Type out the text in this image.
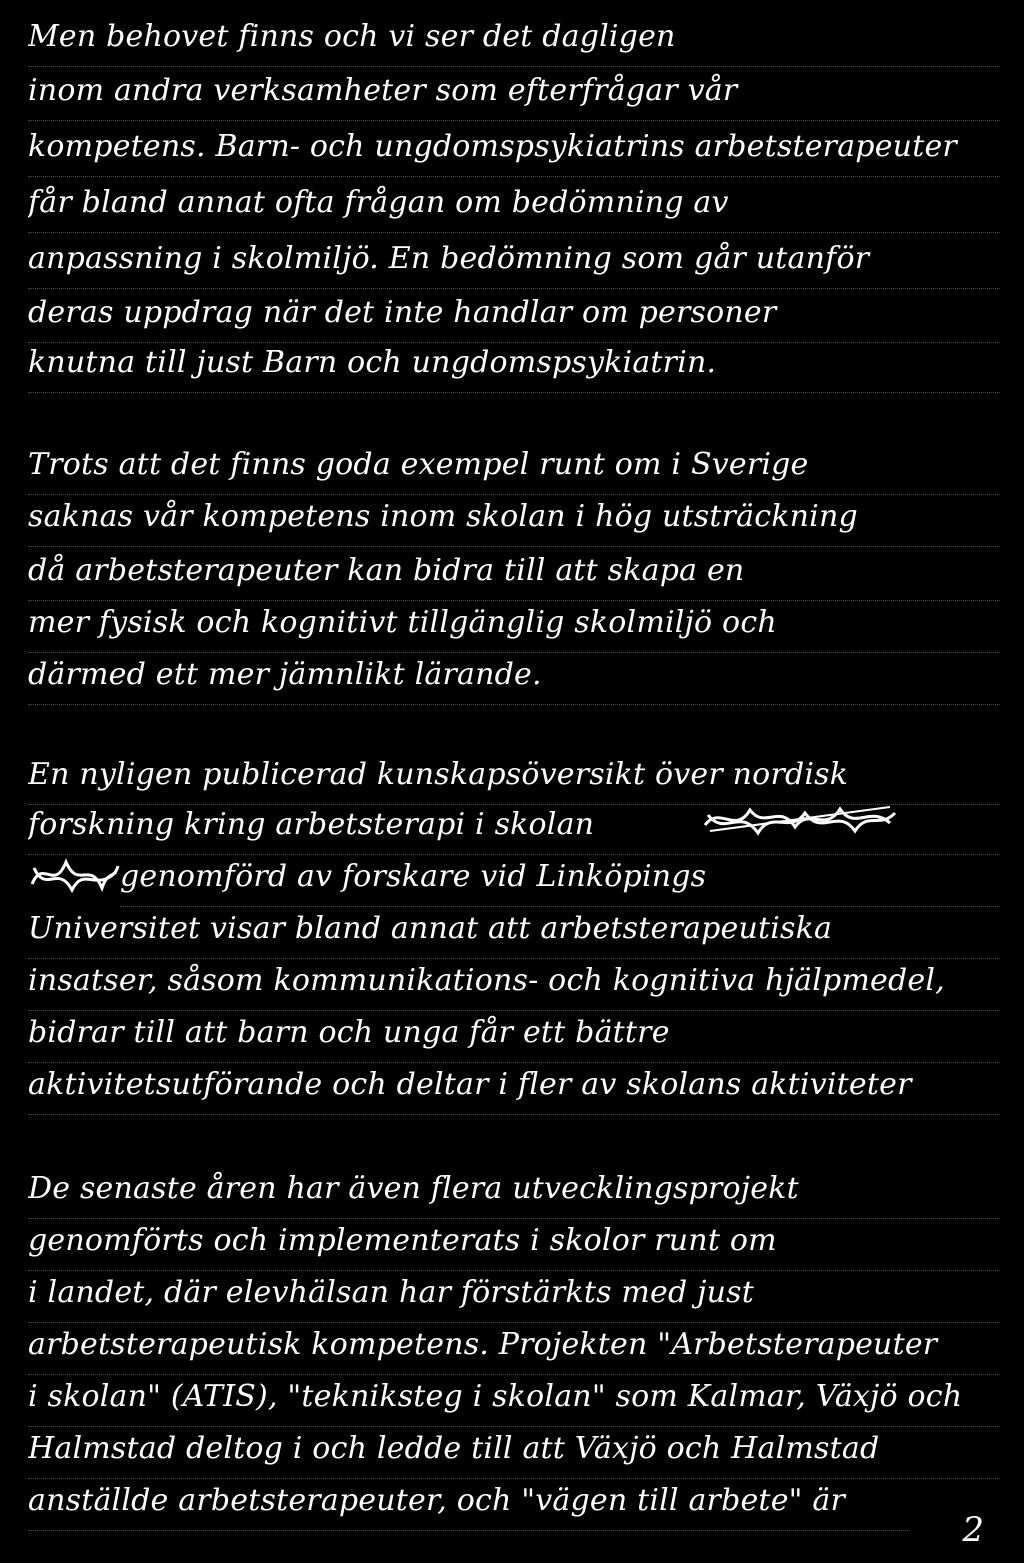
Men behovet finns och vi ser det dagligen
inom andra verksamheter som efterfrågar vår
kompetens. Barn- och ungdomspsykiatrins arbetsterapeuter
får bland annat ofta frågan om bedömning av
anpassning i skolmiljö. En bedömning som går utanför
deras uppdrag när det inte handlar om personer
knutna till just Barn och ungdomspsykiatrin.
Trots att det finns goda exempel runt om i Sverige
saknas vår kompetens inom skolan i hög utsträckning
då arbetsterapeuter kan bidra till att skapa en
mer fysisk och kognitivt tillgänglig skolmiljö och
därmed ett mer jämnlikt lärande.
En nyligen publicerad kunskapsöversikt över nordisk
forskning kring arbetsterapi i skolan
genomförd av forskare vid Linköpings
Universitet visar bland annat att arbetsterapeutiska
insatser, såsom kommunikations- och kognitiva hjälpmedel,
bidrar till att barn och unga får ett bättre
aktivitetsutförande och deltar i fler av skolans aktiviteter
De senaste åren har även flera utvecklingsprojekt
genomförts och implementerats i skolor runt om
i landet, där elevhälsan har förstärkts med just
arbetsterapeutisk kompetens. Projekten "Arbetsterapeuter
i skolan" (ATIS), "tekniksteg i skolan" som Kalmar, Växjö och
Halmstad deltog i och ledde till att Växjö och Halmstad
anställde arbetsterapeuter, och "vägen till arbete" är
2
